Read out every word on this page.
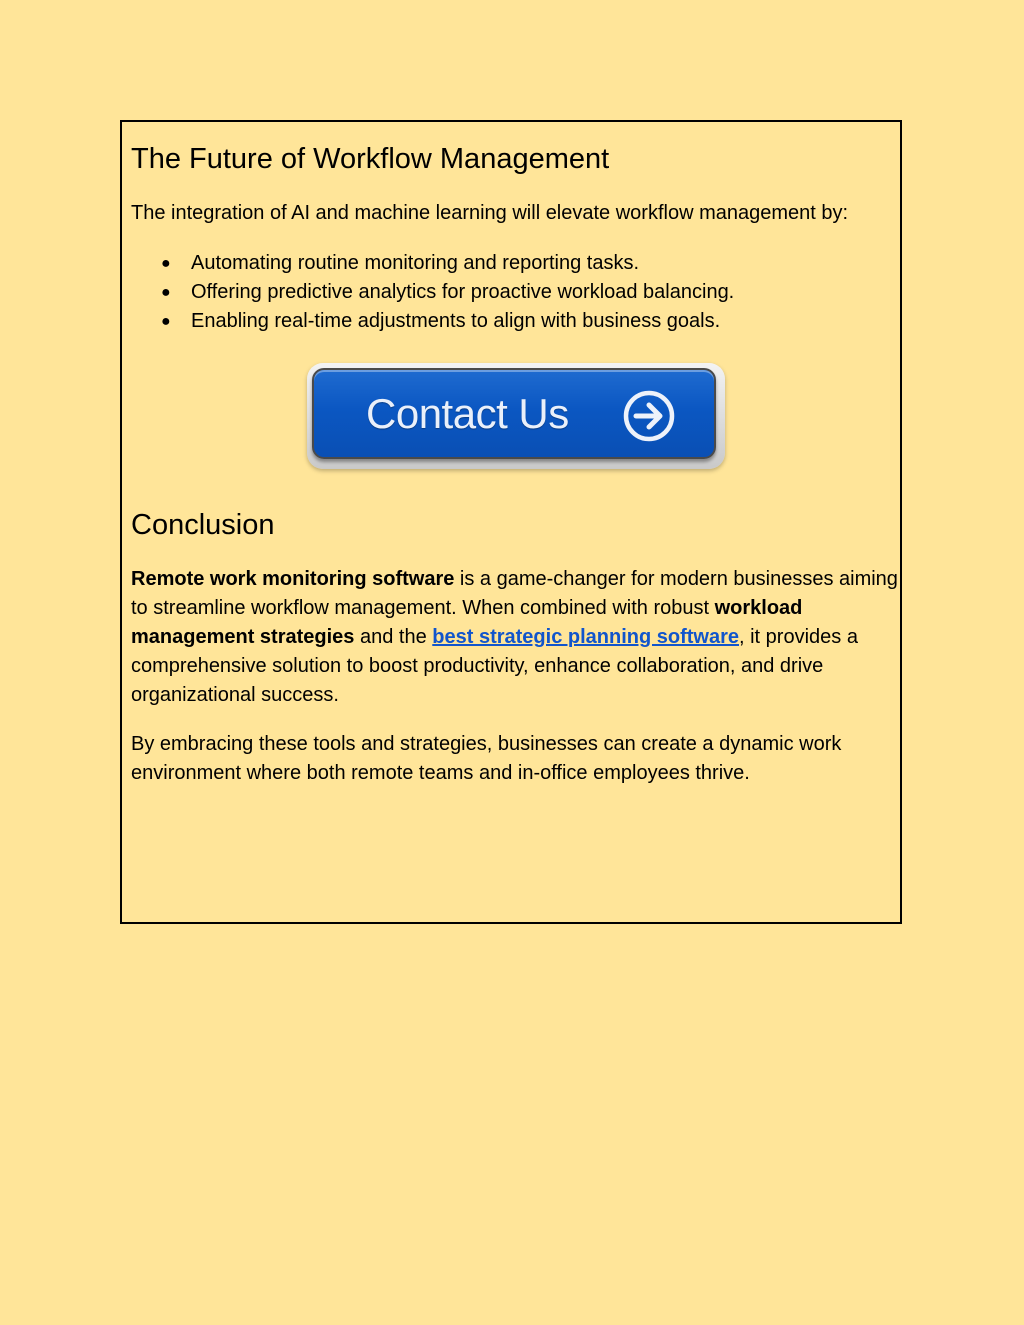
The Future of Workflow Management

The integration of AI and machine learning will elevate workflow management by:

● Automating routine monitoring and reporting tasks.
● Offering predictive analytics for proactive workload balancing.
● Enabling real-time adjustments to align with business goals.
Contact Us
Conclusion

Remote work monitoring software is a game-changer for modern businesses aiming to streamline workflow management. When combined with robust workload management strategies and the best strategic planning software, it provides a comprehensive solution to boost productivity, enhance collaboration, and drive organizational success.

By embracing these tools and strategies, businesses can create a dynamic work environment where both remote teams and in-office employees thrive.
